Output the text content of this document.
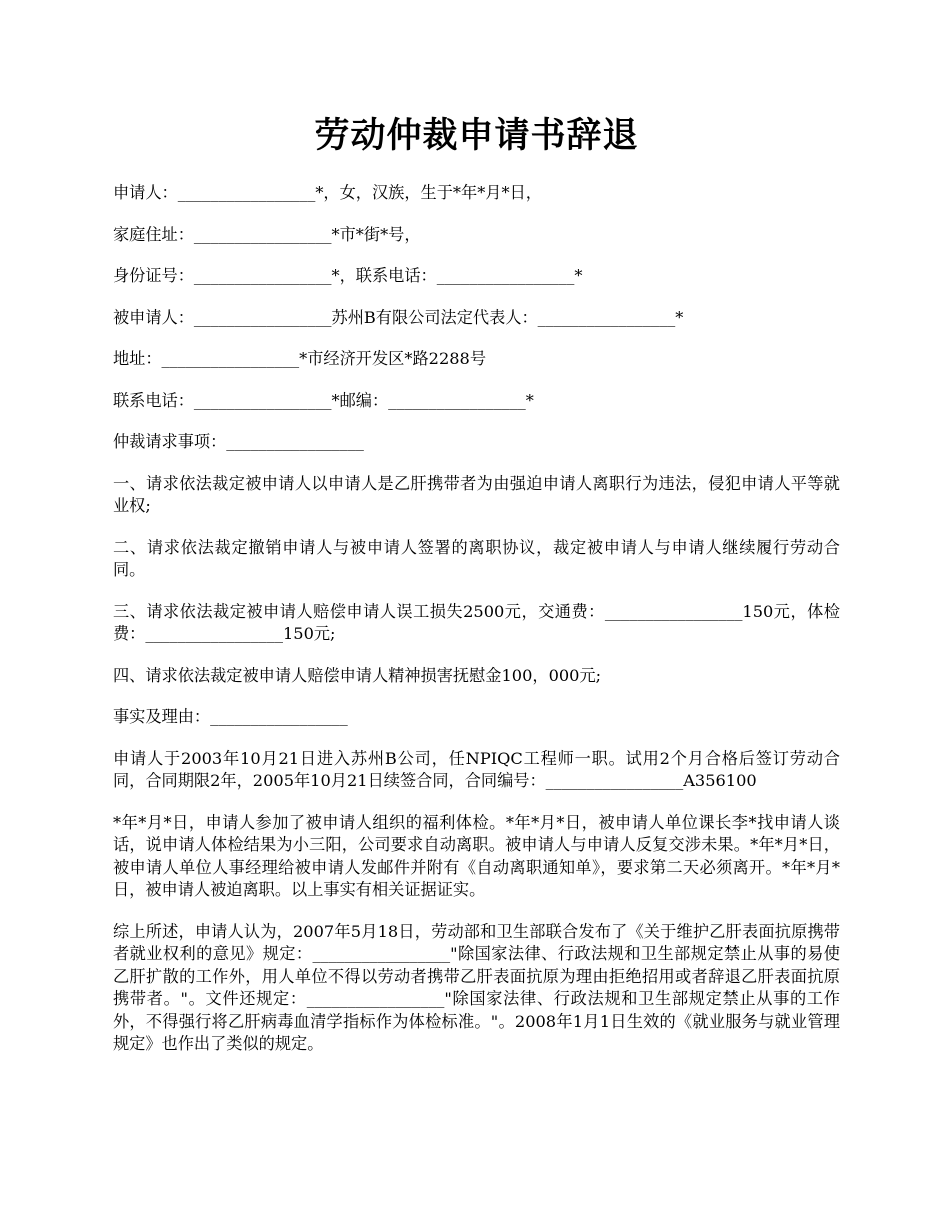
劳动仲裁申请书辞退

申请人：_________________*，女，汉族，生于*年*月*日，

家庭住址：_________________*市*街*号，

身份证号：_________________*，联系电话：_________________*

被申请人：_________________苏州B有限公司法定代表人：_________________*

地址：_________________*市经济开发区*路2288号

联系电话：_________________*邮编：_________________*

仲裁请求事项：_________________

一、请求依法裁定被申请人以申请人是乙肝携带者为由强迫申请人离职行为违法，侵犯申请人平等就业权;

二、请求依法裁定撤销申请人与被申请人签署的离职协议，裁定被申请人与申请人继续履行劳动合同。

三、请求依法裁定被申请人赔偿申请人误工损失2500元，交通费：_________________150元，体检费：_________________150元;

四、请求依法裁定被申请人赔偿申请人精神损害抚慰金100，000元;

事实及理由：_________________

申请人于2003年10月21日进入苏州B公司，任NPIQC工程师一职。试用2个月合格后签订劳动合同，合同期限2年，2005年10月21日续签合同，合同编号：_________________A356100

*年*月*日，申请人参加了被申请人组织的福利体检。*年*月*日，被申请人单位课长李*找申请人谈话，说申请人体检结果为小三阳，公司要求自动离职。被申请人与申请人反复交涉未果。*年*月*日，被申请人单位人事经理给被申请人发邮件并附有《自动离职通知单》，要求第二天必须离开。*年*月*日，被申请人被迫离职。以上事实有相关证据证实。

综上所述，申请人认为，2007年5月18日，劳动部和卫生部联合发布了《关于维护乙肝表面抗原携带者就业权利的意见》规定：_________________"除国家法律、行政法规和卫生部规定禁止从事的易使乙肝扩散的工作外，用人单位不得以劳动者携带乙肝表面抗原为理由拒绝招用或者辞退乙肝表面抗原携带者。"。文件还规定：_________________"除国家法律、行政法规和卫生部规定禁止从事的工作外，不得强行将乙肝病毒血清学指标作为体检标准。"。2008年1月1日生效的《就业服务与就业管理规定》也作出了类似的规定。
